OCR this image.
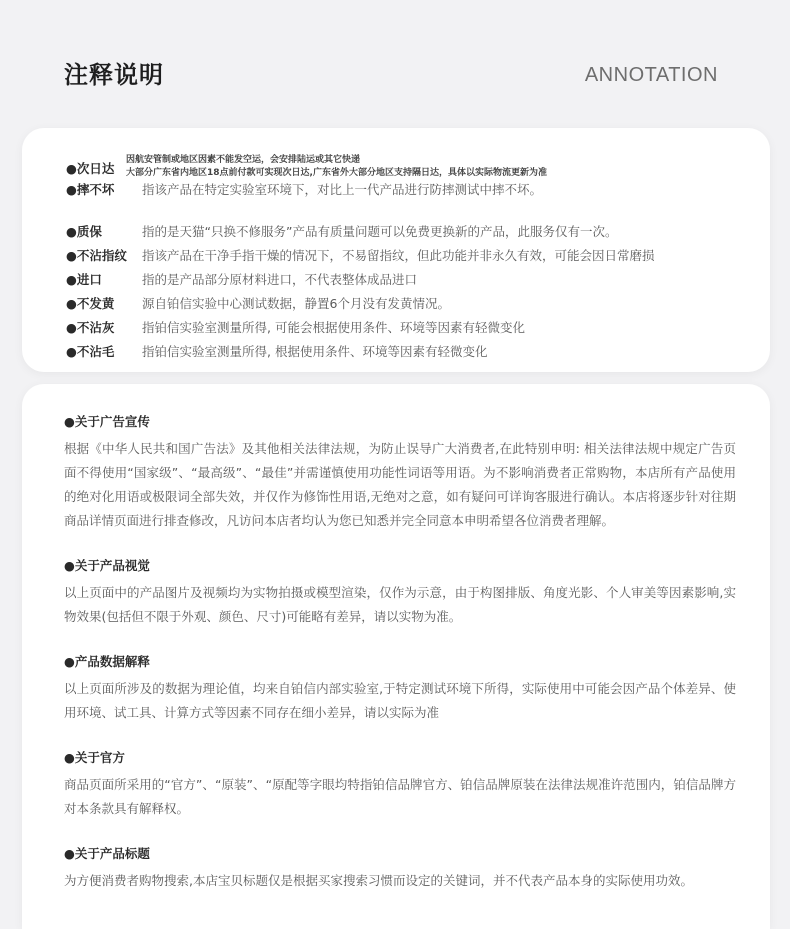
注释说明	ANNOTATION
●次日达
因航安管制或地区因素不能发空运，会安排陆运或其它快递
大部分广东省内地区18点前付款可实现次日达,广东省外大部分地区支持隔日达，具体以实际物流更新为准
●摔不坏 指该产品在特定实验室环境下，对比上一代产品进行防摔测试中摔不坏。
●质保	指的是天猫“只换不修服务”产品有质量问题可以免费更换新的产品，此服务仅有一次。
●不沾指纹 指该产品在干净手指干燥的情况下，不易留指纹，但此功能并非永久有效，可能会因日常磨损
●进口	指的是产品部分原材料进口，不代表整体成品进口
●不发黄 源自铂信实验中心测试数据，静置6个月没有发黄情况。
●不沾灰 指铂信实验室测量所得, 可能会根据使用条件、环境等因素有轻微变化
●不沾毛 指铂信实验室测量所得, 根据使用条件、环境等因素有轻微变化

●关于广告宣传

根据《中华人民共和国广告法》及其他相关法律法规，为防止误导广大消费者,在此特别申明: 相关法律法规中规定广告页面不得使用“国家级”、“最高级”、“最佳”并需谨慎使用功能性词语等用语。为不影响消费者正常购物，本店所有产品使用的绝对化用语或极限词全部失效，并仅作为修饰性用语,无绝对之意，如有疑问可详询客服进行确认。本店将逐步针对往期商品详情页面进行排查修改，凡访问本店者均认为您已知悉并完全同意本申明希望各位消费者理解。

●关于产品视觉

以上页面中的产品图片及视频均为实物拍摄或模型渲染，仅作为示意，由于构图排版、角度光影、个人审美等因素影响,实物效果(包括但不限于外观、颜色、尺寸)可能略有差异，请以实物为准。

●产品数据解释

以上页面所涉及的数据为理论值，均来自铂信内部实验室,于特定测试环境下所得，实际使用中可能会因产品个体差异、使用环境、试工具、计算方式等因素不同存在细小差异，请以实际为准

●关于官方

商品页面所采用的“官方”、“原装”、“原配等字眼均特指铂信品牌官方、铂信品牌原装在法律法规准许范围内，铂信品牌方对本条款具有解释权。

●关于产品标题

为方便消费者购物搜索,本店宝贝标题仅是根据买家搜索习惯而设定的关键词，并不代表产品本身的实际使用功效。
